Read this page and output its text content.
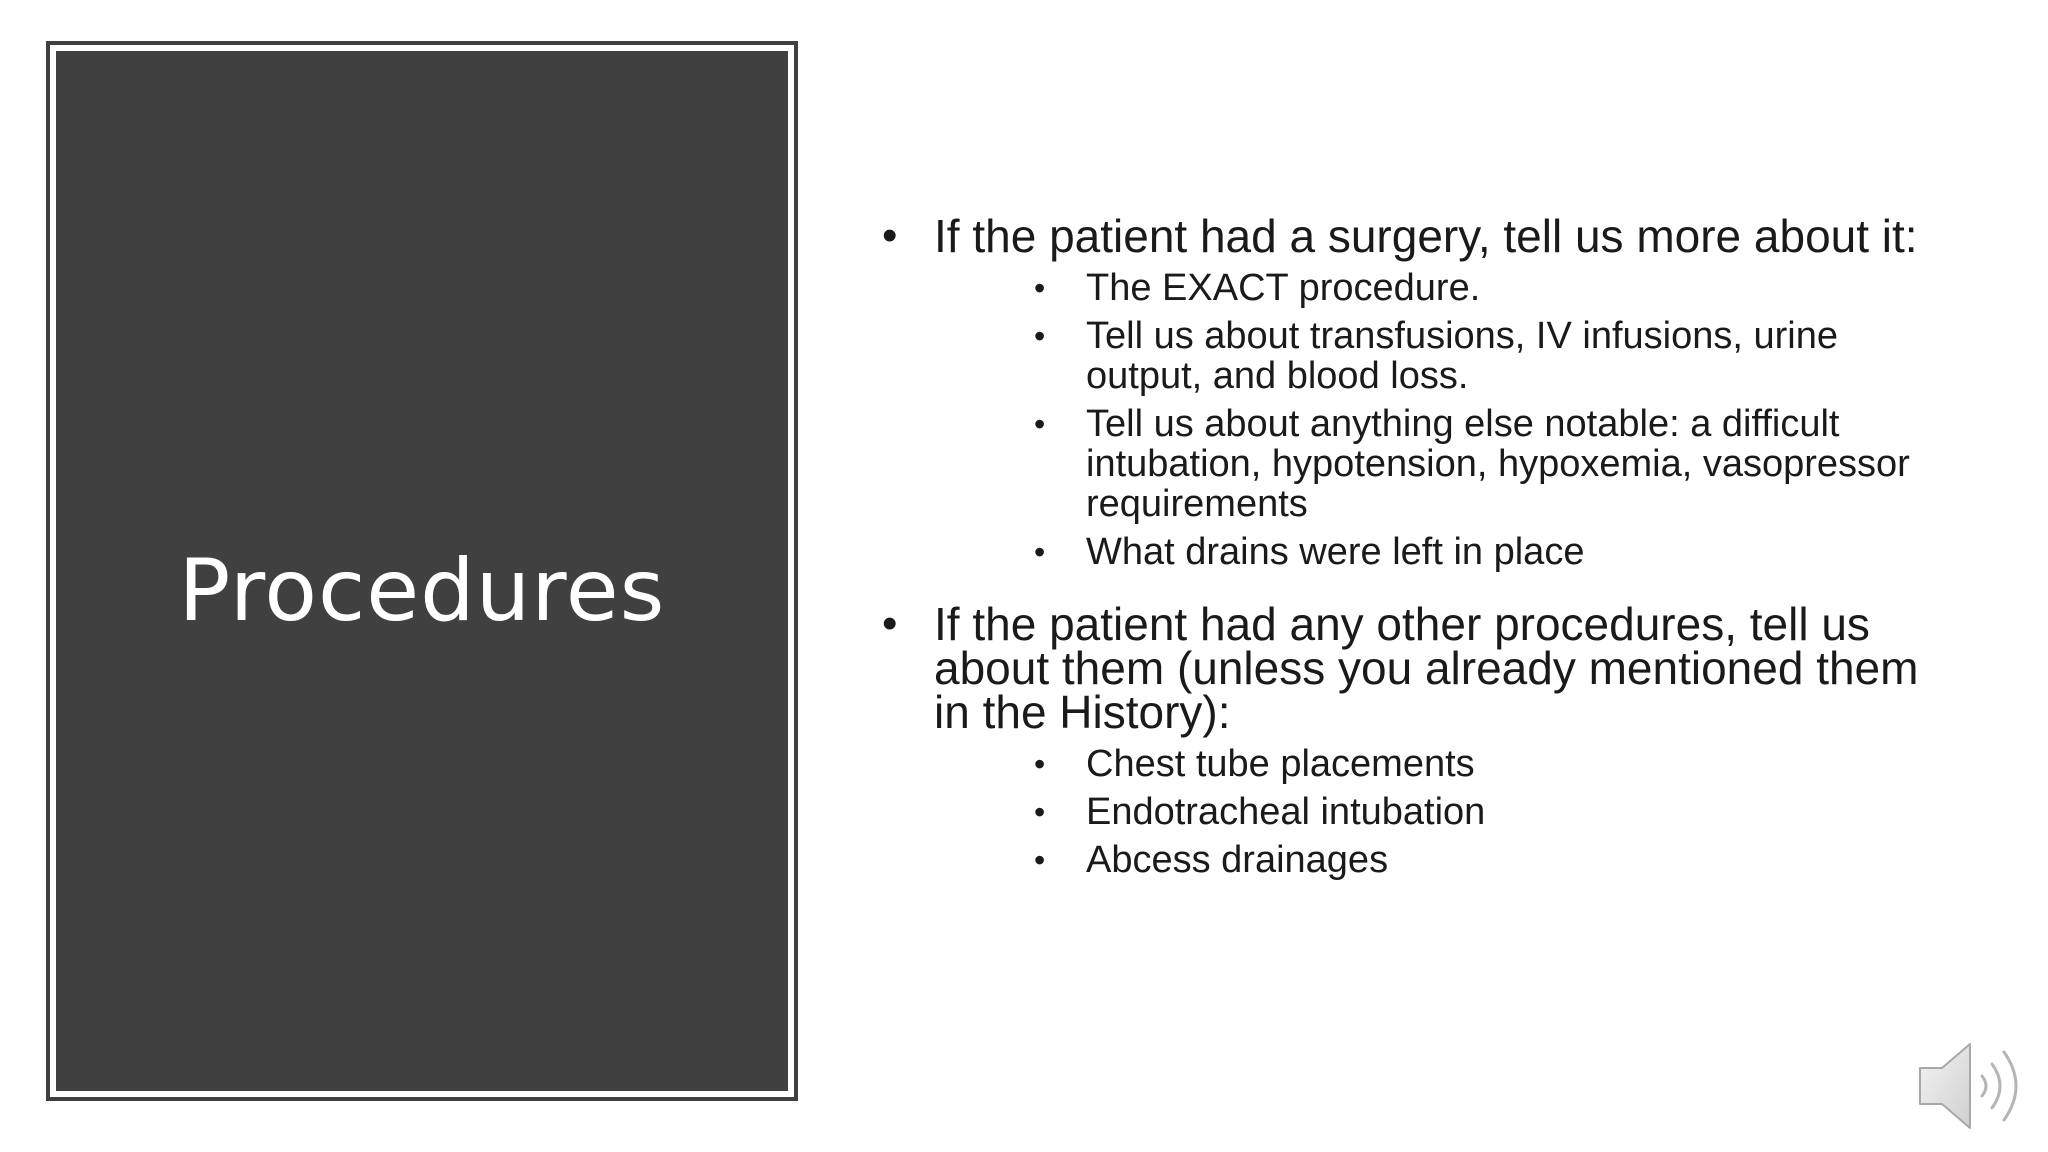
Procedures
• If the patient had a surgery, tell us more about it:
• The EXACT procedure.
• Tell us about transfusions, IV infusions, urine output, and blood loss.
• Tell us about anything else notable: a difficult intubation, hypotension, hypoxemia, vasopressor requirements
• What drains were left in place
• If the patient had any other procedures, tell us about them (unless you already mentioned them in the History):
• Chest tube placements
• Endotracheal intubation
• Abcess drainages
